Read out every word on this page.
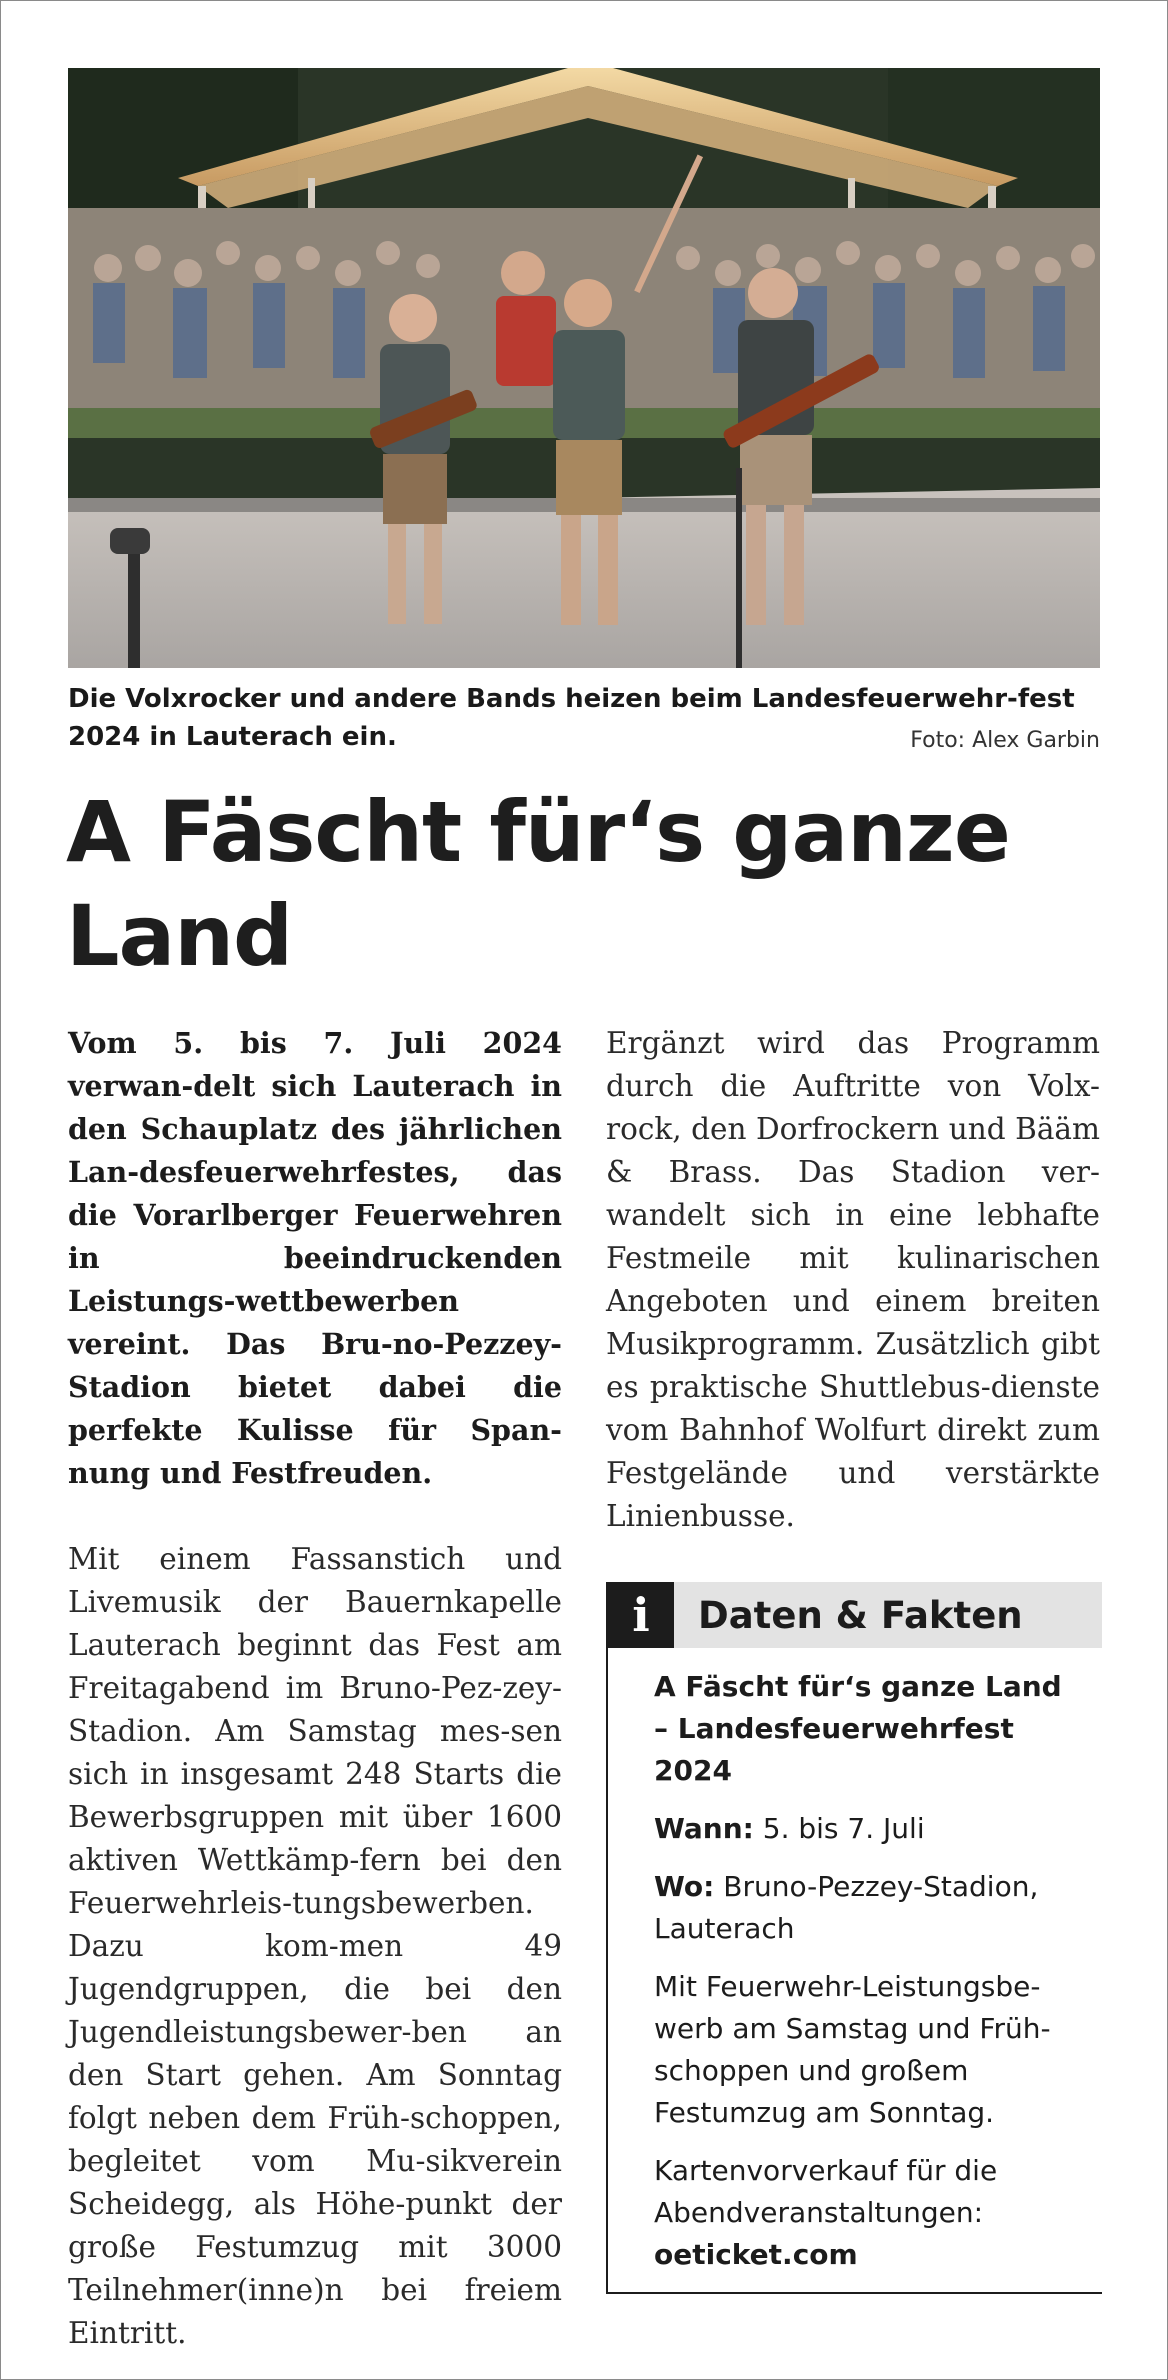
Die Volxrocker und andere Bands heizen beim Landesfeuerwehr-fest 2024 in Lauterach ein.	Foto: Alex Garbin
A Fäscht für‘s ganze Land

Vom 5. bis 7. Juli 2024 verwan-delt sich Lauterach in den Schauplatz des jährlichen Lan-desfeuerwehrfestes, das die Vorarlberger Feuerwehren in beeindruckenden Leistungs-wettbewerben vereint. Das Bru-no-Pezzey-Stadion bietet dabei die perfekte Kulisse für Span-nung und Festfreuden.

Mit einem Fassanstich und Livemusik der Bauernkapelle Lauterach beginnt das Fest am Freitagabend im Bruno-Pez-zey-Stadion. Am Samstag mes-sen sich in insgesamt 248 Starts die Bewerbsgruppen mit über 1600 aktiven Wettkämp-fern bei den Feuerwehrleis-tungsbewerben. Dazu kom-men 49 Jugendgruppen, die bei den Jugendleistungsbewer-ben an den Start gehen. Am Sonntag folgt neben dem Früh-schoppen, begleitet vom Mu-sikverein Scheidegg, als Höhe-punkt der große Festumzug mit 3000 Teilnehmer(inne)n bei freiem Eintritt.

Ergänzt wird das Programm durch die Auftritte von Volx-rock, den Dorfrockern und Bääm & Brass. Das Stadion ver-wandelt sich in eine lebhafte Festmeile mit kulinarischen Angeboten und einem breiten Musikprogramm. Zusätzlich gibt es praktische Shuttlebus-dienste vom Bahnhof Wolfurt direkt zum Festgelände und verstärkte Linienbusse.

i	Daten & Fakten

A Fäscht für‘s ganze Land – Landesfeuerwehrfest 2024

Wann: 5. bis 7. Juli

Wo: Bruno-Pezzey-Stadion, Lauterach

Mit Feuerwehr-Leistungsbe-werb am Samstag und Früh-schoppen und großem Festumzug am Sonntag.

Kartenvorverkauf für die Abendveranstaltungen:
oeticket.com
